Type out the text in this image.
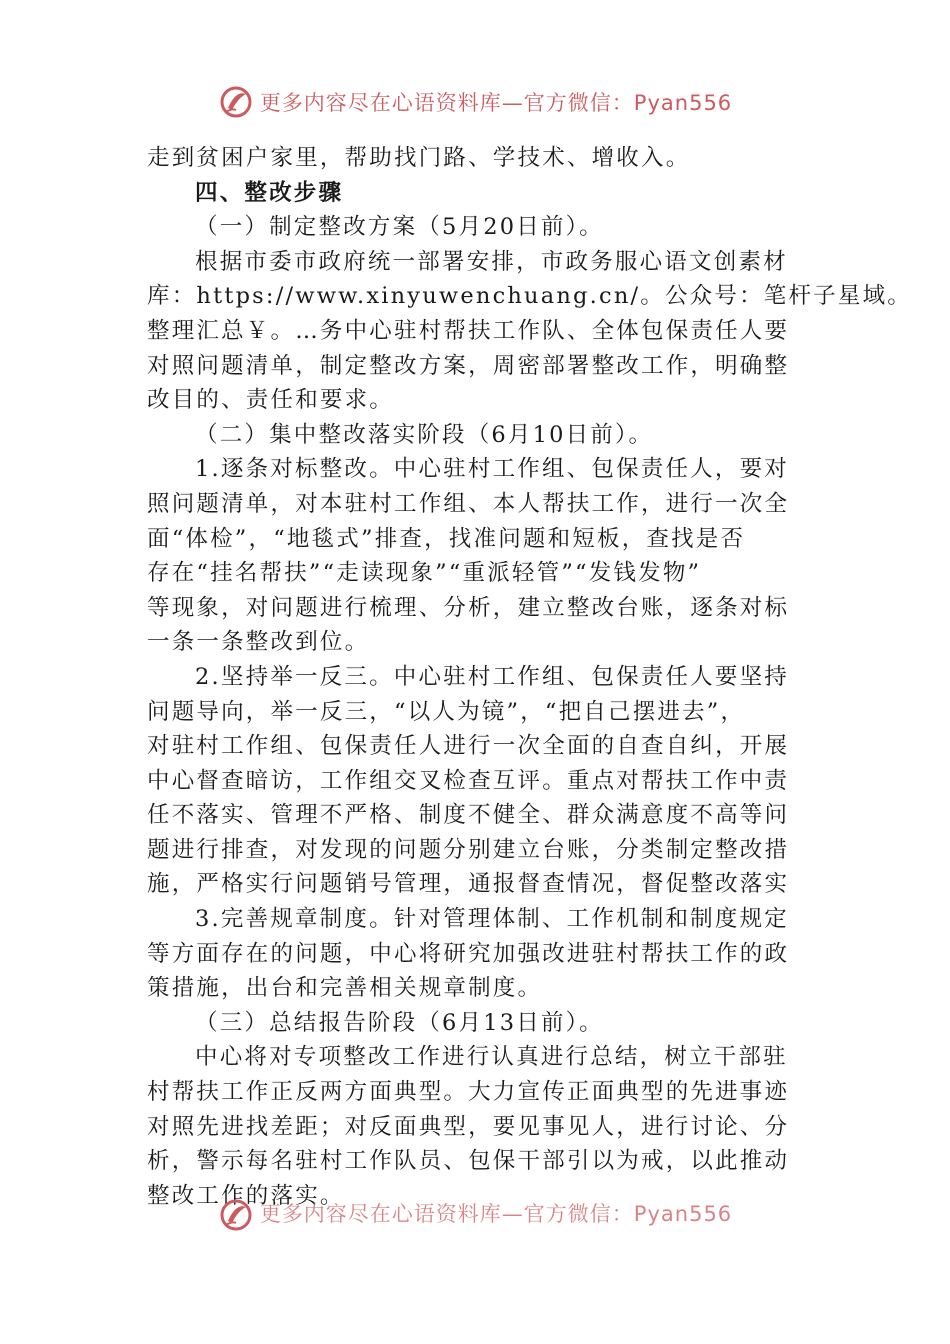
更多内容尽在心语资料库—官方微信：Pyan556

走到贫困户家里，帮助找门路、学技术、增收入。

四、整改步骤

（一）制定整改方案（5月20日前）。

根据市委市政府统一部署安排，市政务服心语文创素材

库：https://www.xinyuwenchuang.cn/。公众号：笔杆子星域。

整理汇总￥。…务中心驻村帮扶工作队、全体包保责任人要

对照问题清单，制定整改方案，周密部署整改工作，明确整

改目的、责任和要求。

（二）集中整改落实阶段（6月10日前）。

1.逐条对标整改。中心驻村工作组、包保责任人，要对

照问题清单，对本驻村工作组、本人帮扶工作，进行一次全

面“体检”，“地毯式”排查，找准问题和短板，查找是否

存在“挂名帮扶”“走读现象”“重派轻管”“发钱发物”

等现象，对问题进行梳理、分析，建立整改台账，逐条对标

一条一条整改到位。

2.坚持举一反三。中心驻村工作组、包保责任人要坚持

问题导向，举一反三，“以人为镜”，“把自己摆进去”，

对驻村工作组、包保责任人进行一次全面的自查自纠，开展

中心督查暗访，工作组交叉检查互评。重点对帮扶工作中责

任不落实、管理不严格、制度不健全、群众满意度不高等问

题进行排查，对发现的问题分别建立台账，分类制定整改措

施，严格实行问题销号管理，通报督查情况，督促整改落实

3.完善规章制度。针对管理体制、工作机制和制度规定

等方面存在的问题，中心将研究加强改进驻村帮扶工作的政

策措施，出台和完善相关规章制度。

（三）总结报告阶段（6月13日前）。

中心将对专项整改工作进行认真进行总结，树立干部驻

村帮扶工作正反两方面典型。大力宣传正面典型的先进事迹

对照先进找差距；对反面典型，要见事见人，进行讨论、分

析，警示每名驻村工作队员、包保干部引以为戒，以此推动

整改工作的落实。

更多内容尽在心语资料库—官方微信：Pyan556
